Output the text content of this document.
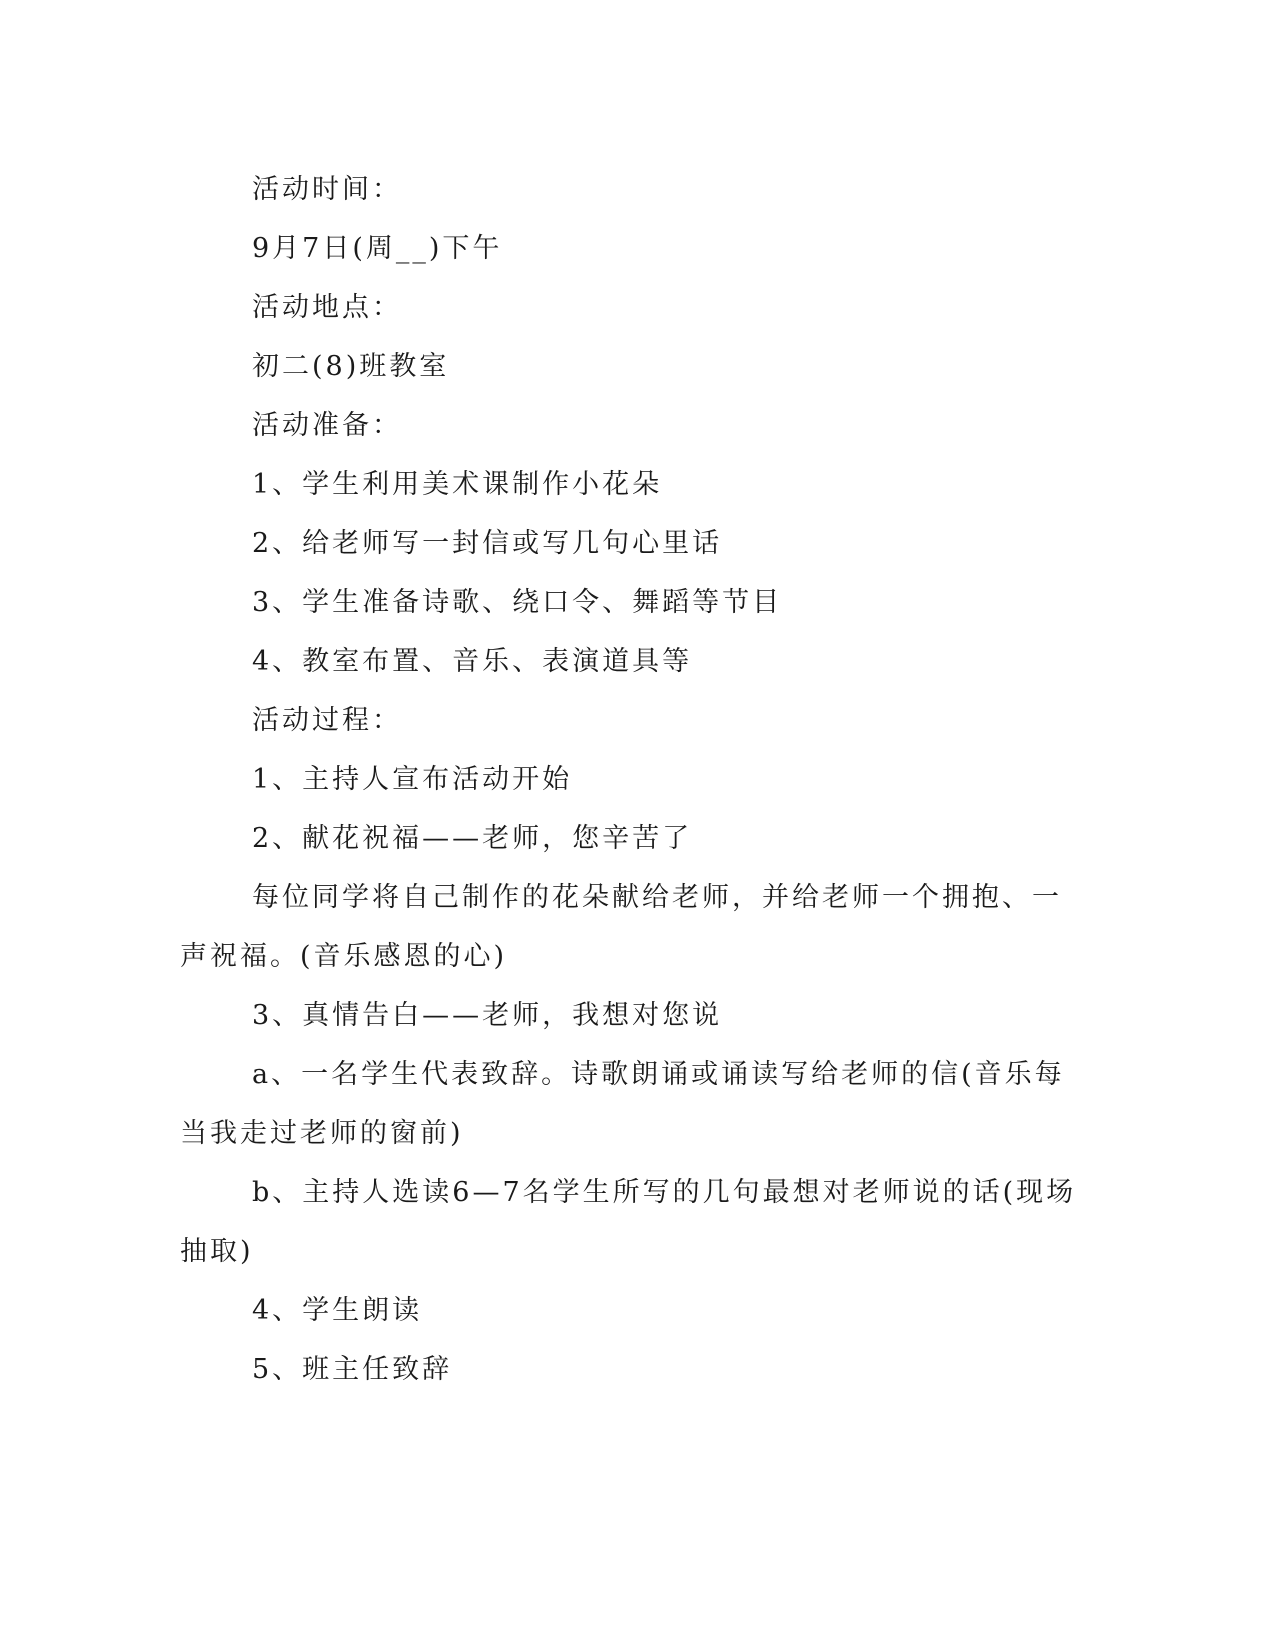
活动时间：

9月7日(周__)下午

活动地点：

初二(8)班教室

活动准备：

1、学生利用美术课制作小花朵

2、给老师写一封信或写几句心里话

3、学生准备诗歌、绕口令、舞蹈等节目

4、教室布置、音乐、表演道具等

活动过程：

1、主持人宣布活动开始

2、献花祝福——老师，您辛苦了

每位同学将自己制作的花朵献给老师，并给老师一个拥抱、一声祝福。(音乐感恩的心)

3、真情告白——老师，我想对您说

a、一名学生代表致辞。诗歌朗诵或诵读写给老师的信(音乐每当我走过老师的窗前)

b、主持人选读6—7名学生所写的几句最想对老师说的话(现场抽取)

4、学生朗读

5、班主任致辞
